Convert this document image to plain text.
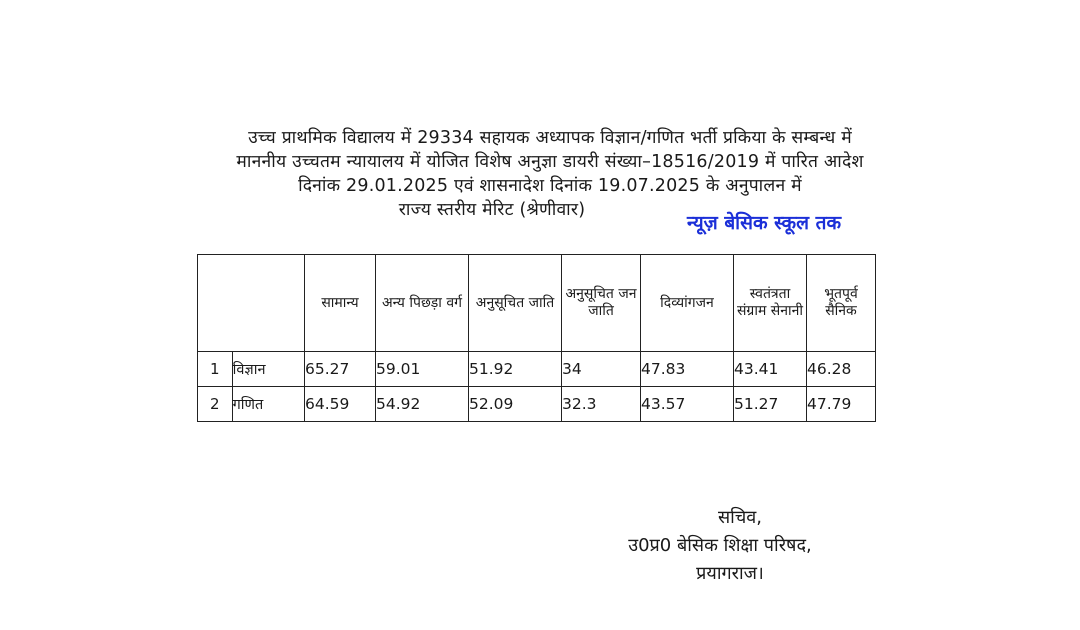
उच्च प्राथमिक विद्यालय में 29334 सहायक अध्यापक विज्ञान/गणित भर्ती प्रकिया के सम्बन्ध में
माननीय उच्चतम न्यायालय में योजित विशेष अनुज्ञा डायरी संख्या–18516/2019 में पारित आदेश
दिनांक 29.01.2025 एवं शासनादेश दिनांक 19.07.2025 के अनुपालन में
राज्य स्तरीय मेरिट (श्रेणीवार)
न्यूज़ बेसिक स्कूल तक
		सामान्य	अन्य पिछड़ा वर्ग	अनुसूचित जाति	अनुसूचित जन जाति	दिव्यांगजन	स्वतंत्रता संग्राम सेनानी	भूतपूर्व सैनिक
1	विज्ञान	65.27	59.01	51.92	34	47.83	43.41	46.28
2	गणित	64.59	54.92	52.09	32.3	43.57	51.27	47.79
सचिव,
उ0प्र0 बेसिक शिक्षा परिषद,
प्रयागराज।
